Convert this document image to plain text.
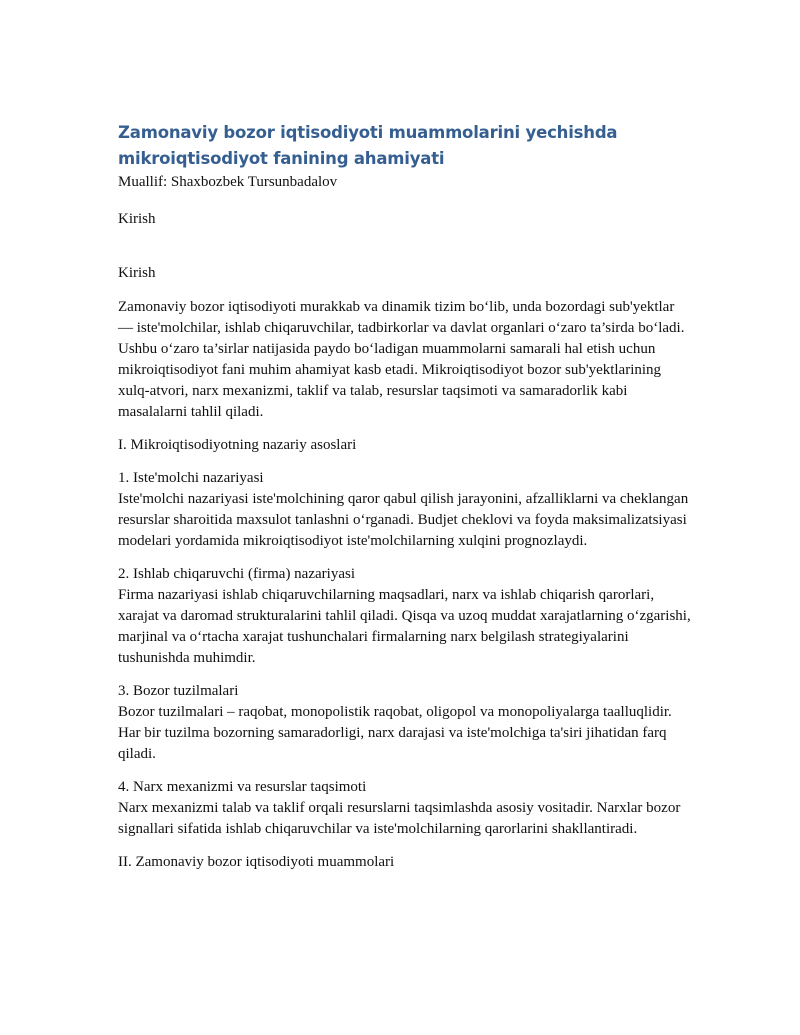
Zamonaviy bozor iqtisodiyoti muammolarini yechishda mikroiqtisodiyot fanining ahamiyati
Muallif: Shaxbozbek Tursunbadalov
Kirish
Kirish

Zamonaviy bozor iqtisodiyoti murakkab va dinamik tizim bo‘lib, unda bozordagi sub'yektlar — iste'molchilar, ishlab chiqaruvchilar, tadbirkorlar va davlat organlari o‘zaro ta’sirda bo‘ladi. Ushbu o‘zaro ta’sirlar natijasida paydo bo‘ladigan muammolarni samarali hal etish uchun mikroiqtisodiyot fani muhim ahamiyat kasb etadi. Mikroiqtisodiyot bozor sub'yektlarining xulq-atvori, narx mexanizmi, taklif va talab, resurslar taqsimoti va samaradorlik kabi masalalarni tahlil qiladi.

I. Mikroiqtisodiyotning nazariy asoslari
1. Iste'molchi nazariyasi
Iste'molchi nazariyasi iste'molchining qaror qabul qilish jarayonini, afzalliklarni va cheklangan resurslar sharoitida maxsulot tanlashni o‘rganadi. Budjet cheklovi va foyda maksimalizatsiyasi modelari yordamida mikroiqtisodiyot iste'molchilarning xulqini prognozlaydi.
2. Ishlab chiqaruvchi (firma) nazariyasi
Firma nazariyasi ishlab chiqaruvchilarning maqsadlari, narx va ishlab chiqarish qarorlari, xarajat va daromad strukturalarini tahlil qiladi. Qisqa va uzoq muddat xarajatlarning o‘zgarishi, marjinal va o‘rtacha xarajat tushunchalari firmalarning narx belgilash strategiyalarini tushunishda muhimdir.
3. Bozor tuzilmalari
Bozor tuzilmalari – raqobat, monopolistik raqobat, oligopol va monopoliyalarga taalluqlidir. Har bir tuzilma bozorning samaradorligi, narx darajasi va iste'molchiga ta'siri jihatidan farq qiladi.
4. Narx mexanizmi va resurslar taqsimoti
Narx mexanizmi talab va taklif orqali resurslarni taqsimlashda asosiy vositadir. Narxlar bozor signallari sifatida ishlab chiqaruvchilar va iste'molchilarning qarorlarini shakllantiradi.
II. Zamonaviy bozor iqtisodiyoti muammolari
